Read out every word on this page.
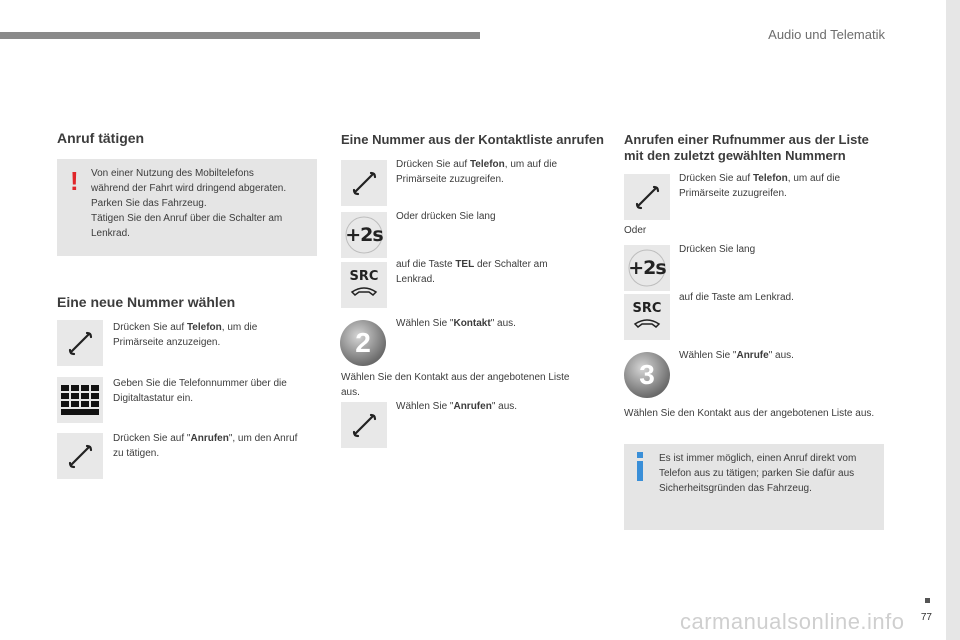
Audio und Telematik
77
carmanualsonline.info
Anruf tätigen
! Von einer Nutzung des Mobiltelefons
während der Fahrt wird dringend abgeraten.
Parken Sie das Fahrzeug.
Tätigen Sie den Anruf über die Schalter am
Lenkrad.
Eine neue Nummer wählen
Drücken Sie auf Telefon, um die
Primärseite anzuzeigen.
Geben Sie die Telefonnummer über die
Digitaltastatur ein.
Drücken Sie auf "Anrufen", um den Anruf
zu tätigen.
Eine Nummer aus der Kontaktliste anrufen
Drücken Sie auf Telefon, um auf die
Primärseite zuzugreifen.
+2s
Oder drücken Sie lang
SRC
auf die Taste TEL der Schalter am
Lenkrad.
2
Wählen Sie "Kontakt" aus.
Wählen Sie den Kontakt aus der angebotenen Liste
aus.
Wählen Sie "Anrufen" aus.
Anrufen einer Rufnummer aus der Liste
mit den zuletzt gewählten Nummern
Drücken Sie auf Telefon, um auf die
Primärseite zuzugreifen.
Oder
+2s
Drücken Sie lang
SRC
auf die Taste am Lenkrad.
3
Wählen Sie "Anrufe" aus.
Wählen Sie den Kontakt aus der angebotenen Liste aus.
Es ist immer möglich, einen Anruf direkt vom
Telefon aus zu tätigen; parken Sie dafür aus
Sicherheitsgründen das Fahrzeug.
